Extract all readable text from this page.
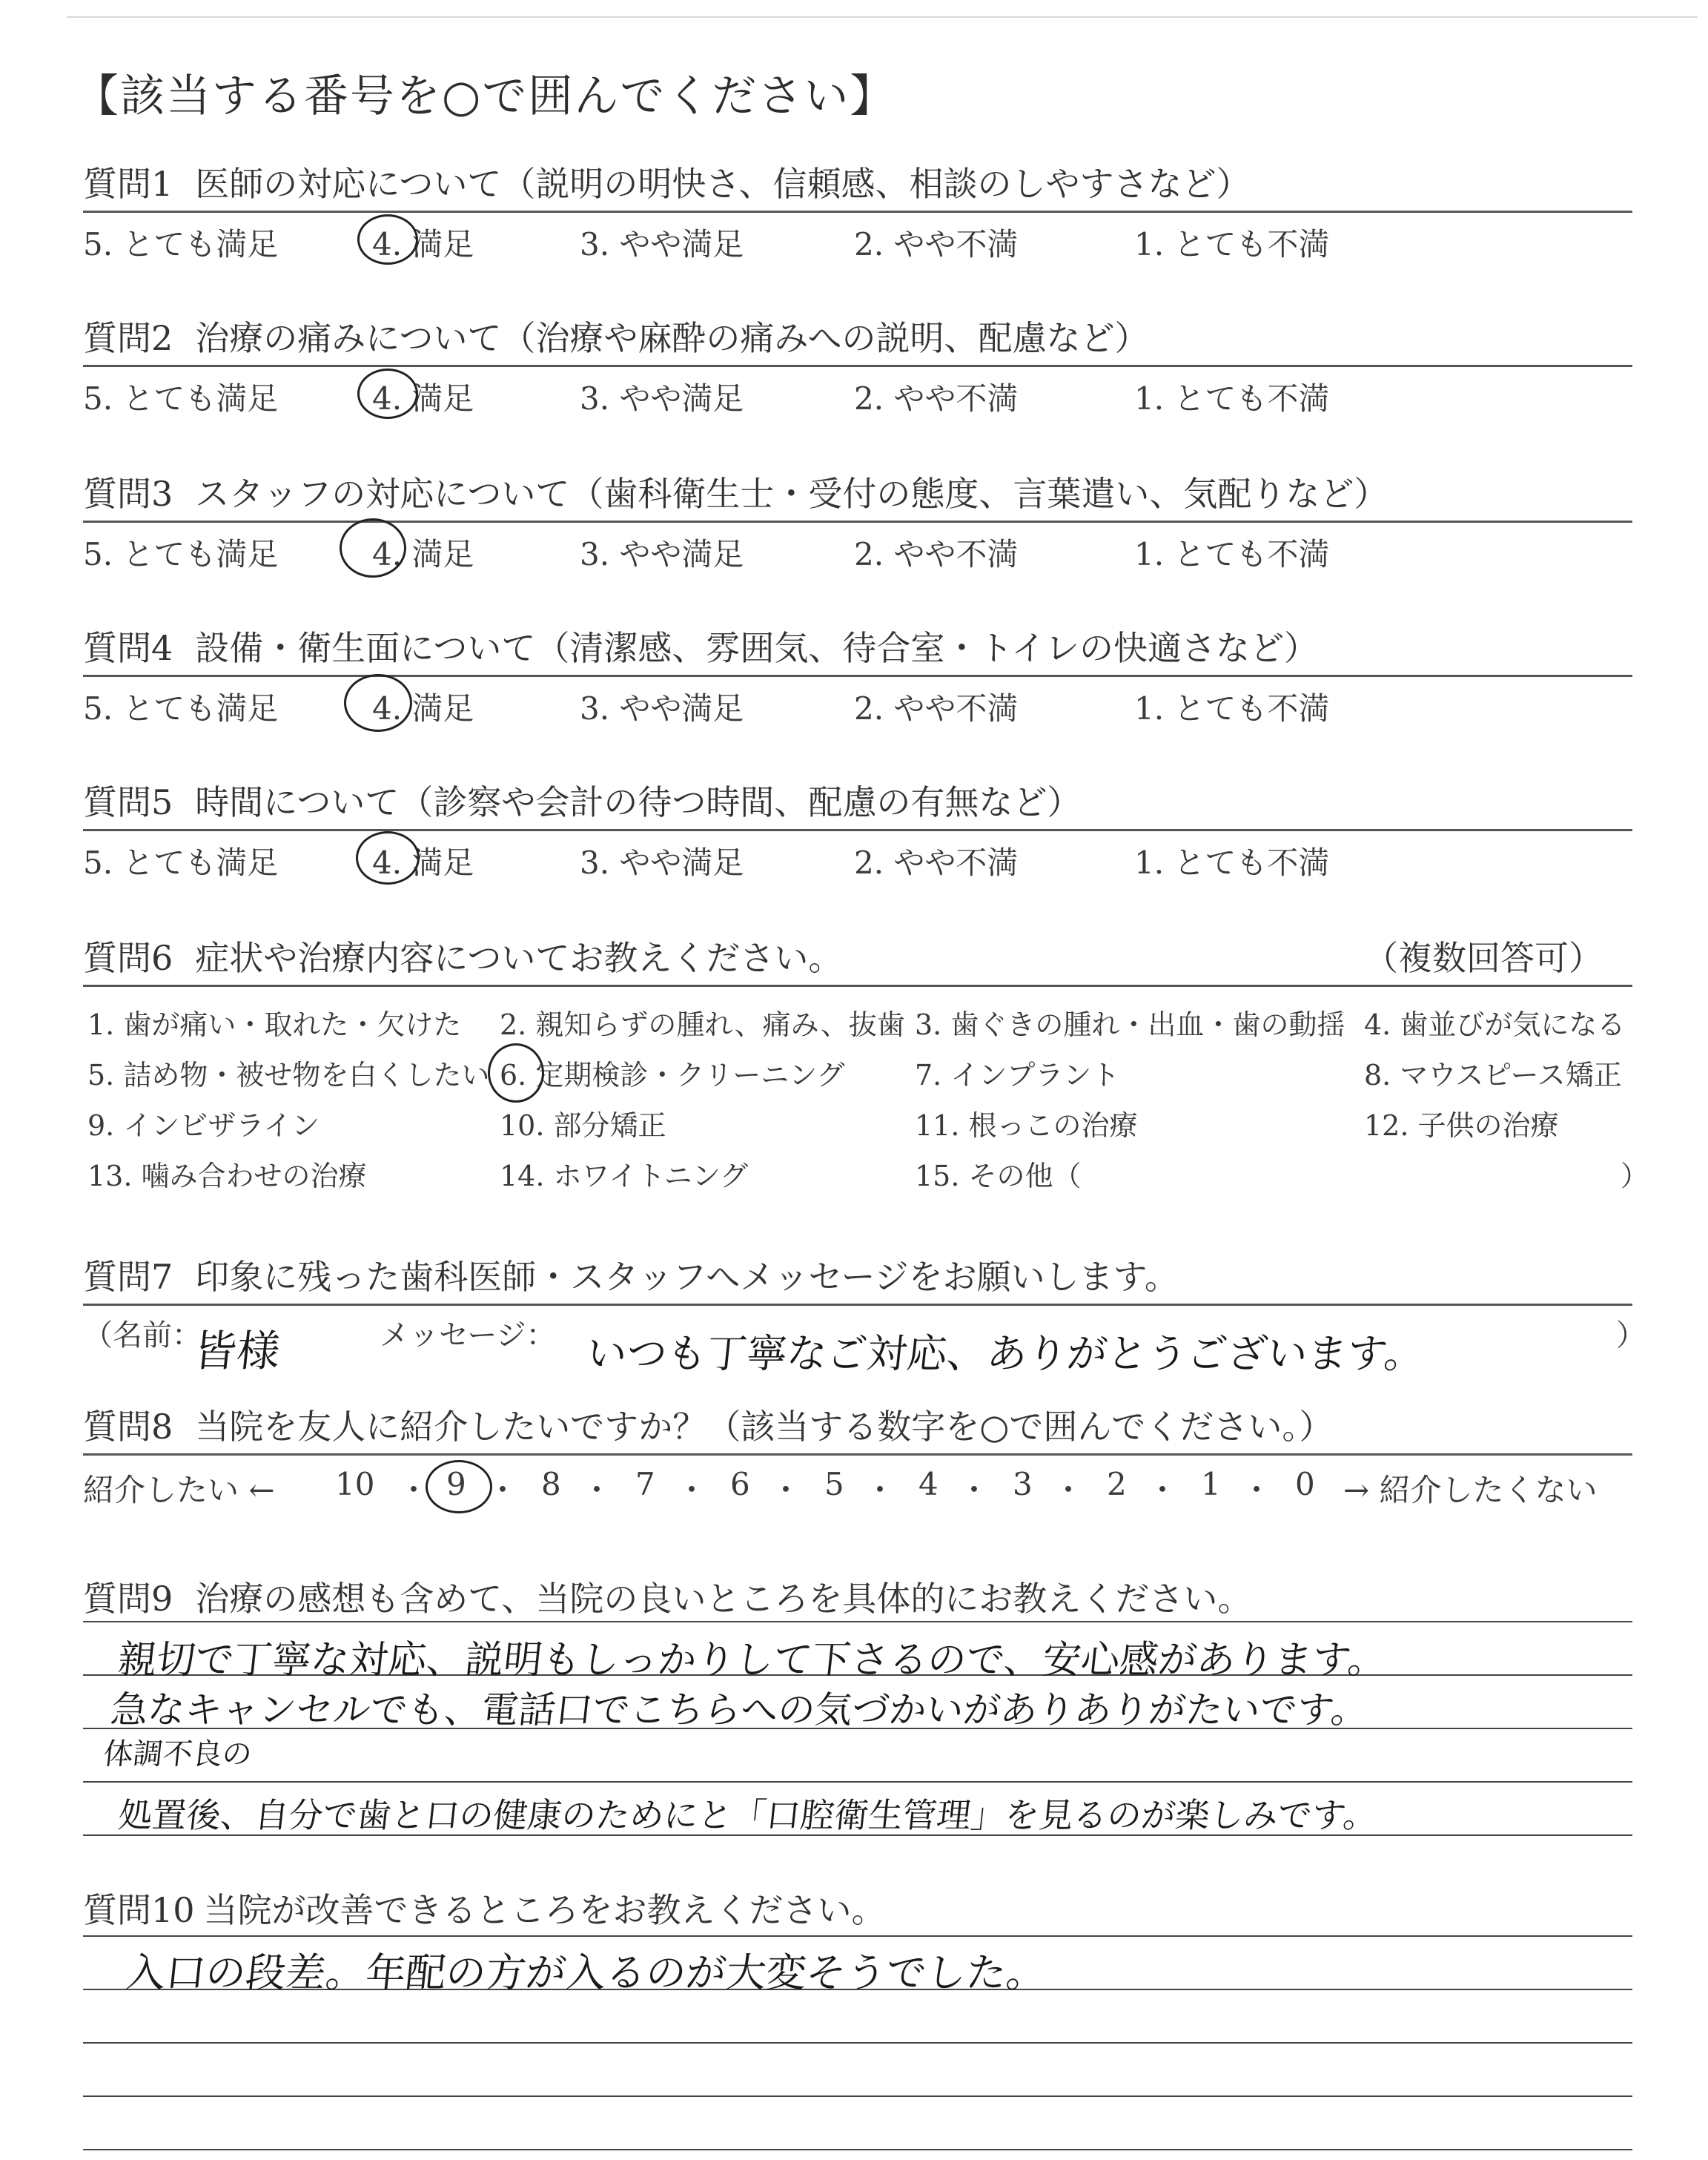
【該当する番号を○で囲んでください】
質問1 医師の対応について（説明の明快さ、信頼感、相談のしやすさなど）
5. とても満足	4. 満足	3. やや満足	2. やや不満	1. とても不満
質問2 治療の痛みについて（治療や麻酔の痛みへの説明、配慮など）
5. とても満足	4. 満足	3. やや満足	2. やや不満	1. とても不満
質問3 スタッフの対応について（歯科衛生士・受付の態度、言葉遣い、気配りなど）
5. とても満足	4. 満足	3. やや満足	2. やや不満	1. とても不満
質問4 設備・衛生面について（清潔感、雰囲気、待合室・トイレの快適さなど）
5. とても満足	4. 満足	3. やや満足	2. やや不満	1. とても不満
質問5 時間について（診察や会計の待つ時間、配慮の有無など）
5. とても満足	4. 満足	3. やや満足	2. やや不満	1. とても不満
質問6 症状や治療内容についてお教えください。	（複数回答可）
1. 歯が痛い・取れた・欠けた 2. 親知らずの腫れ、痛み、抜歯 3. 歯ぐきの腫れ・出血・歯の動揺 4. 歯並びが気になる
5. 詰め物・被せ物を白くしたい 6. 定期検診・クリーニング 7. インプラント	8. マウスピース矯正
9. インビザライン	10. 部分矯正	11. 根っこの治療	12. 子供の治療
13. 噛み合わせの治療	14. ホワイトニング	15. その他（	）
質問7 印象に残った歯科医師・スタッフへメッセージをお願いします。
（名前：
皆様	メッセージ： いつも丁寧なご対応、ありがとうございます。	）
質問8 当院を友人に紹介したいですか？（該当する数字を○で囲んでください。）
紹介したい ← 10 ・ 9 ・ 8 ・ 7 ・ 6 ・ 5 ・ 4 ・ 3 ・ 2 ・ 1 ・ 0 → 紹介したくない
質問9 治療の感想も含めて、当院の良いところを具体的にお教えください。
親切で丁寧な対応、説明もしっかりして下さるので、安心感があります。
急なキャンセルでも、電話口でこちらへの気づかいがありありがたいです。
体調不良の
処置後、自分で歯と口の健康のためにと「口腔衛生管理」を見るのが楽しみです。
質問10 当院が改善できるところをお教えください。
入口の段差。年配の方が入るのが大変そうでした。
